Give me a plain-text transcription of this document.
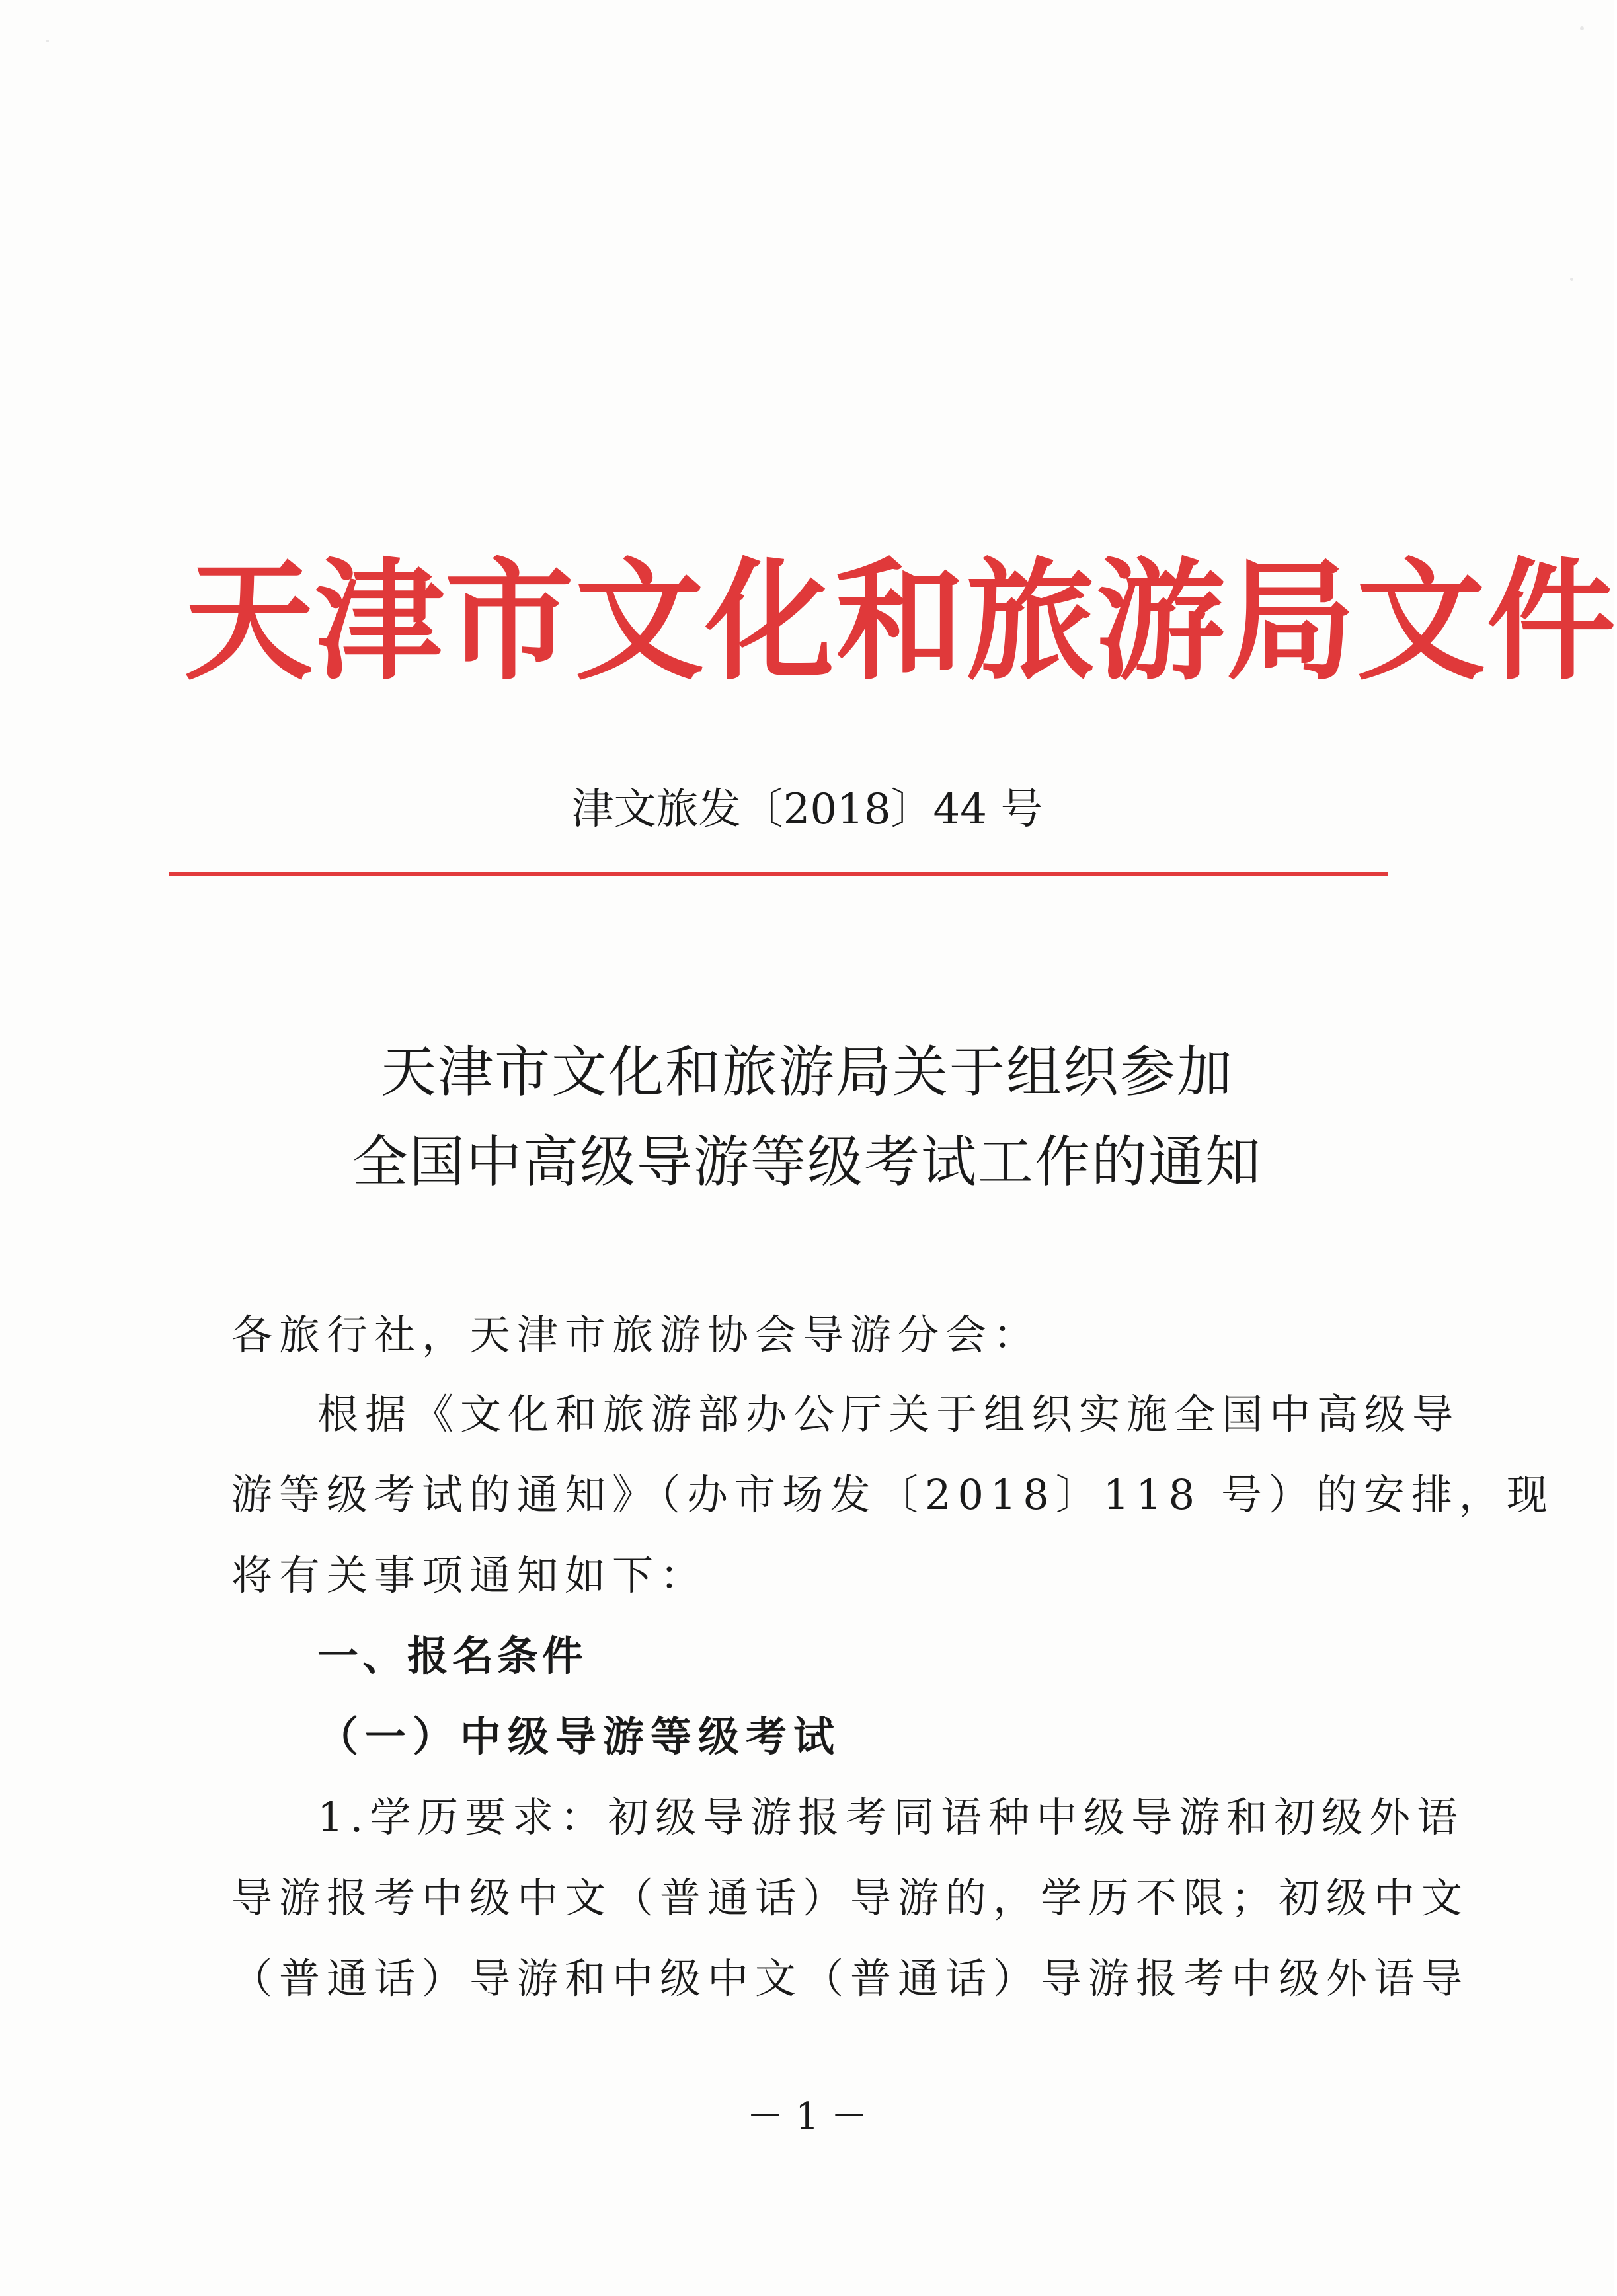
天津市文化和旅游局文件
津文旅发〔2018〕44 号
天津市文化和旅游局关于组织参加
全国中高级导游等级考试工作的通知
各旅行社，天津市旅游协会导游分会：
根据《文化和旅游部办公厅关于组织实施全国中高级导
游等级考试的通知》（办市场发〔2018〕118 号）的安排，现
将有关事项通知如下：
一、报名条件
（一）中级导游等级考试
1.学历要求：初级导游报考同语种中级导游和初级外语
导游报考中级中文（普通话）导游的，学历不限；初级中文
（普通话）导游和中级中文（普通话）导游报考中级外语导
－ 1 －
